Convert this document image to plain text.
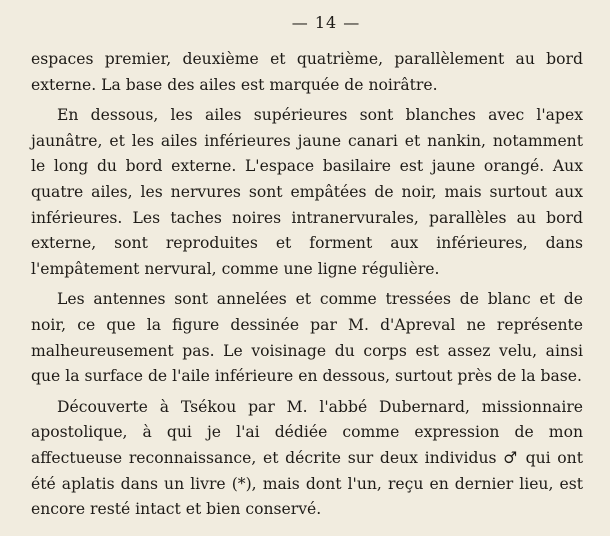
— 14 —

espaces premier, deuxième et quatrième, parallèlement au bord externe. La base des ailes est marquée de noirâtre.

En dessous, les ailes supérieures sont blanches avec l'apex jaunâtre, et les ailes inférieures jaune canari et nankin, notamment le long du bord externe. L'espace basilaire est jaune orangé. Aux quatre ailes, les nervures sont empâtées de noir, mais surtout aux inférieures. Les taches noires intranervurales, parallèles au bord externe, sont reproduites et forment aux inférieures, dans l'empâtement nervural, comme une ligne régulière.

Les antennes sont annelées et comme tressées de blanc et de noir, ce que la figure dessinée par M. d'Apreval ne représente malheureusement pas. Le voisinage du corps est assez velu, ainsi que la surface de l'aile inférieure en dessous, surtout près de la base.

Découverte à Tsékou par M. l'abbé Dubernard, missionnaire apostolique, à qui je l'ai dédiée comme expression de mon affectueuse reconnaissance, et décrite sur deux individus ♂ qui ont été aplatis dans un livre (*), mais dont l'un, reçu en dernier lieu, est encore resté intact et bien conservé.
